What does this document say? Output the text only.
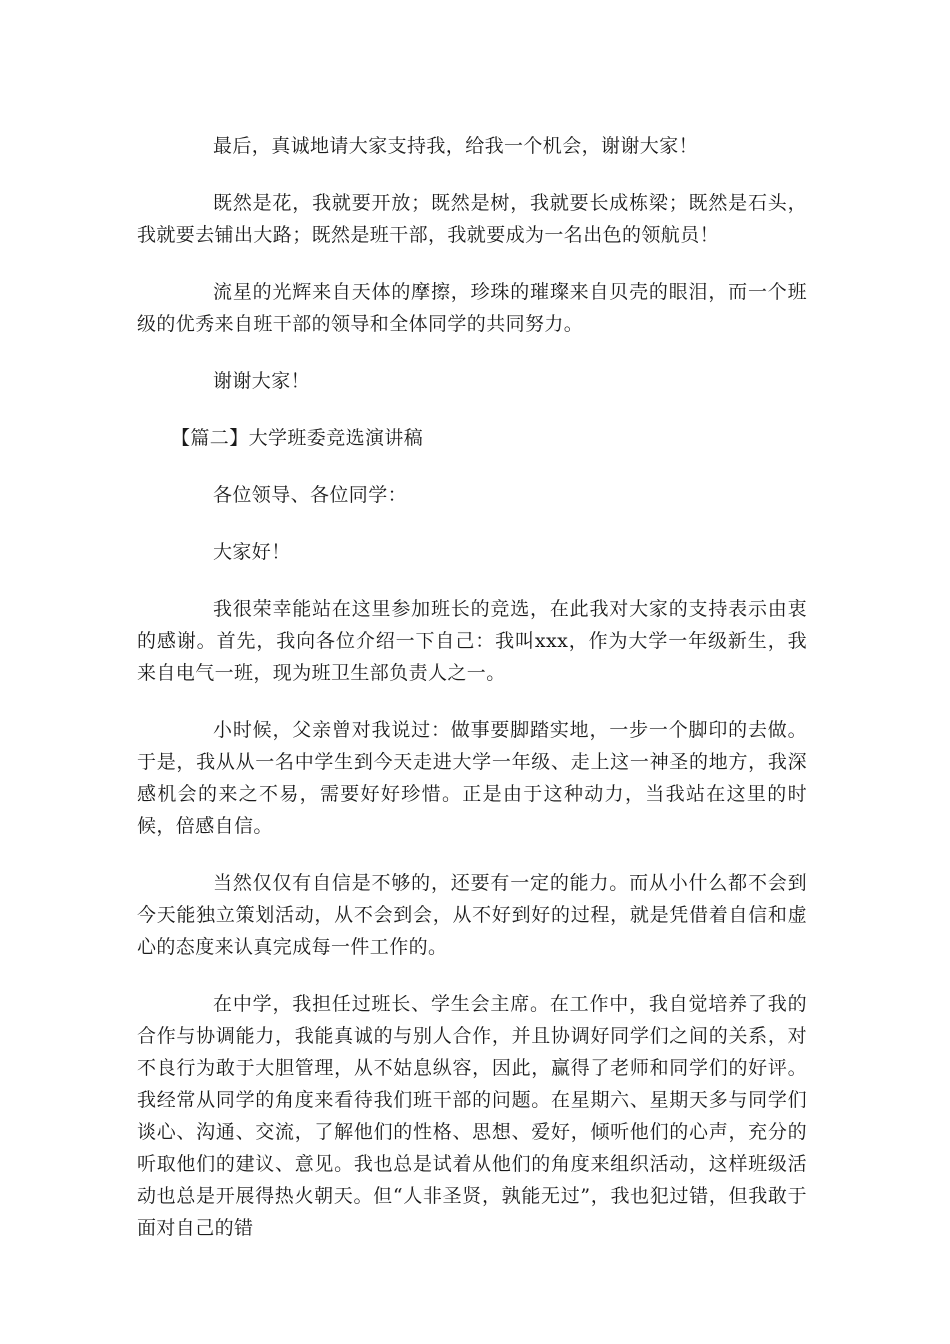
最后，真诚地请大家支持我，给我一个机会，谢谢大家！

既然是花，我就要开放；既然是树，我就要长成栋梁；既然是石头，我就要去铺出大路；既然是班干部，我就要成为一名出色的领航员！

流星的光辉来自天体的摩擦，珍珠的璀璨来自贝壳的眼泪，而一个班级的优秀来自班干部的领导和全体同学的共同努力。

谢谢大家！

【篇二】大学班委竞选演讲稿

各位领导、各位同学：

大家好！

我很荣幸能站在这里参加班长的竞选，在此我对大家的支持表示由衷的感谢。首先，我向各位介绍一下自己：我叫xxx，作为大学一年级新生，我来自电气一班，现为班卫生部负责人之一。

小时候，父亲曾对我说过：做事要脚踏实地，一步一个脚印的去做。于是，我从从一名中学生到今天走进大学一年级、走上这一神圣的地方，我深感机会的来之不易，需要好好珍惜。正是由于这种动力，当我站在这里的时候，倍感自信。

当然仅仅有自信是不够的，还要有一定的能力。而从小什么都不会到今天能独立策划活动，从不会到会，从不好到好的过程，就是凭借着自信和虚心的态度来认真完成每一件工作的。

在中学，我担任过班长、学生会主席。在工作中，我自觉培养了我的合作与协调能力，我能真诚的与别人合作，并且协调好同学们之间的关系，对不良行为敢于大胆管理，从不姑息纵容，因此，赢得了老师和同学们的好评。我经常从同学的角度来看待我们班干部的问题。在星期六、星期天多与同学们谈心、沟通、交流，了解他们的性格、思想、爱好，倾听他们的心声，充分的听取他们的建议、意见。我也总是试着从他们的角度来组织活动，这样班级活动也总是开展得热火朝天。但“人非圣贤，孰能无过”，我也犯过错，但我敢于面对自己的错
